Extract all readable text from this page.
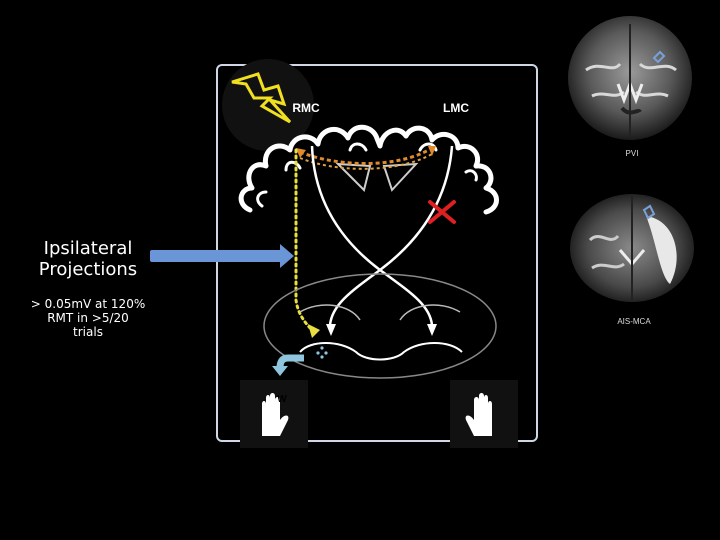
W
RMC	LMC
PVI
AIS-MCA
Ipsilateral
Projections
> 0.05mV at 120%
RMT in >5/20
trials
